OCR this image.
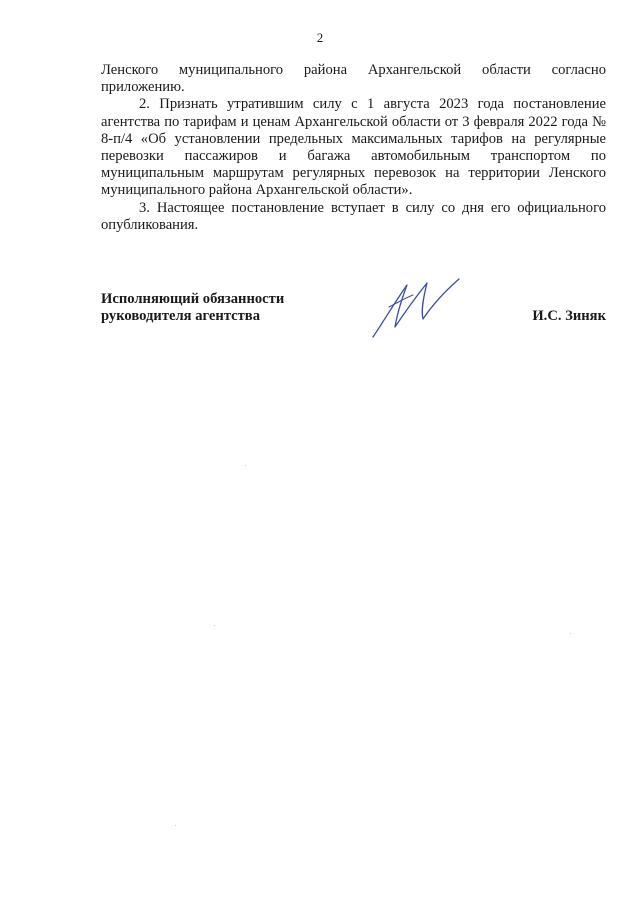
2

Ленского муниципального района Архангельской области согласно приложению.

2. Признать утратившим силу с 1 августа 2023 года постановление агентства по тарифам и ценам Архангельской области от 3 февраля 2022 года № 8-п/4 «Об установлении предельных максимальных тарифов на регулярные перевозки пассажиров и багажа автомобильным транспортом по муниципальным маршрутам регулярных перевозок на территории Ленского муниципального района Архангельской области».

3. Настоящее постановление вступает в силу со дня его официального опубликования.

Исполняющий обязанности
руководителя агентства	И.С. Зиняк
